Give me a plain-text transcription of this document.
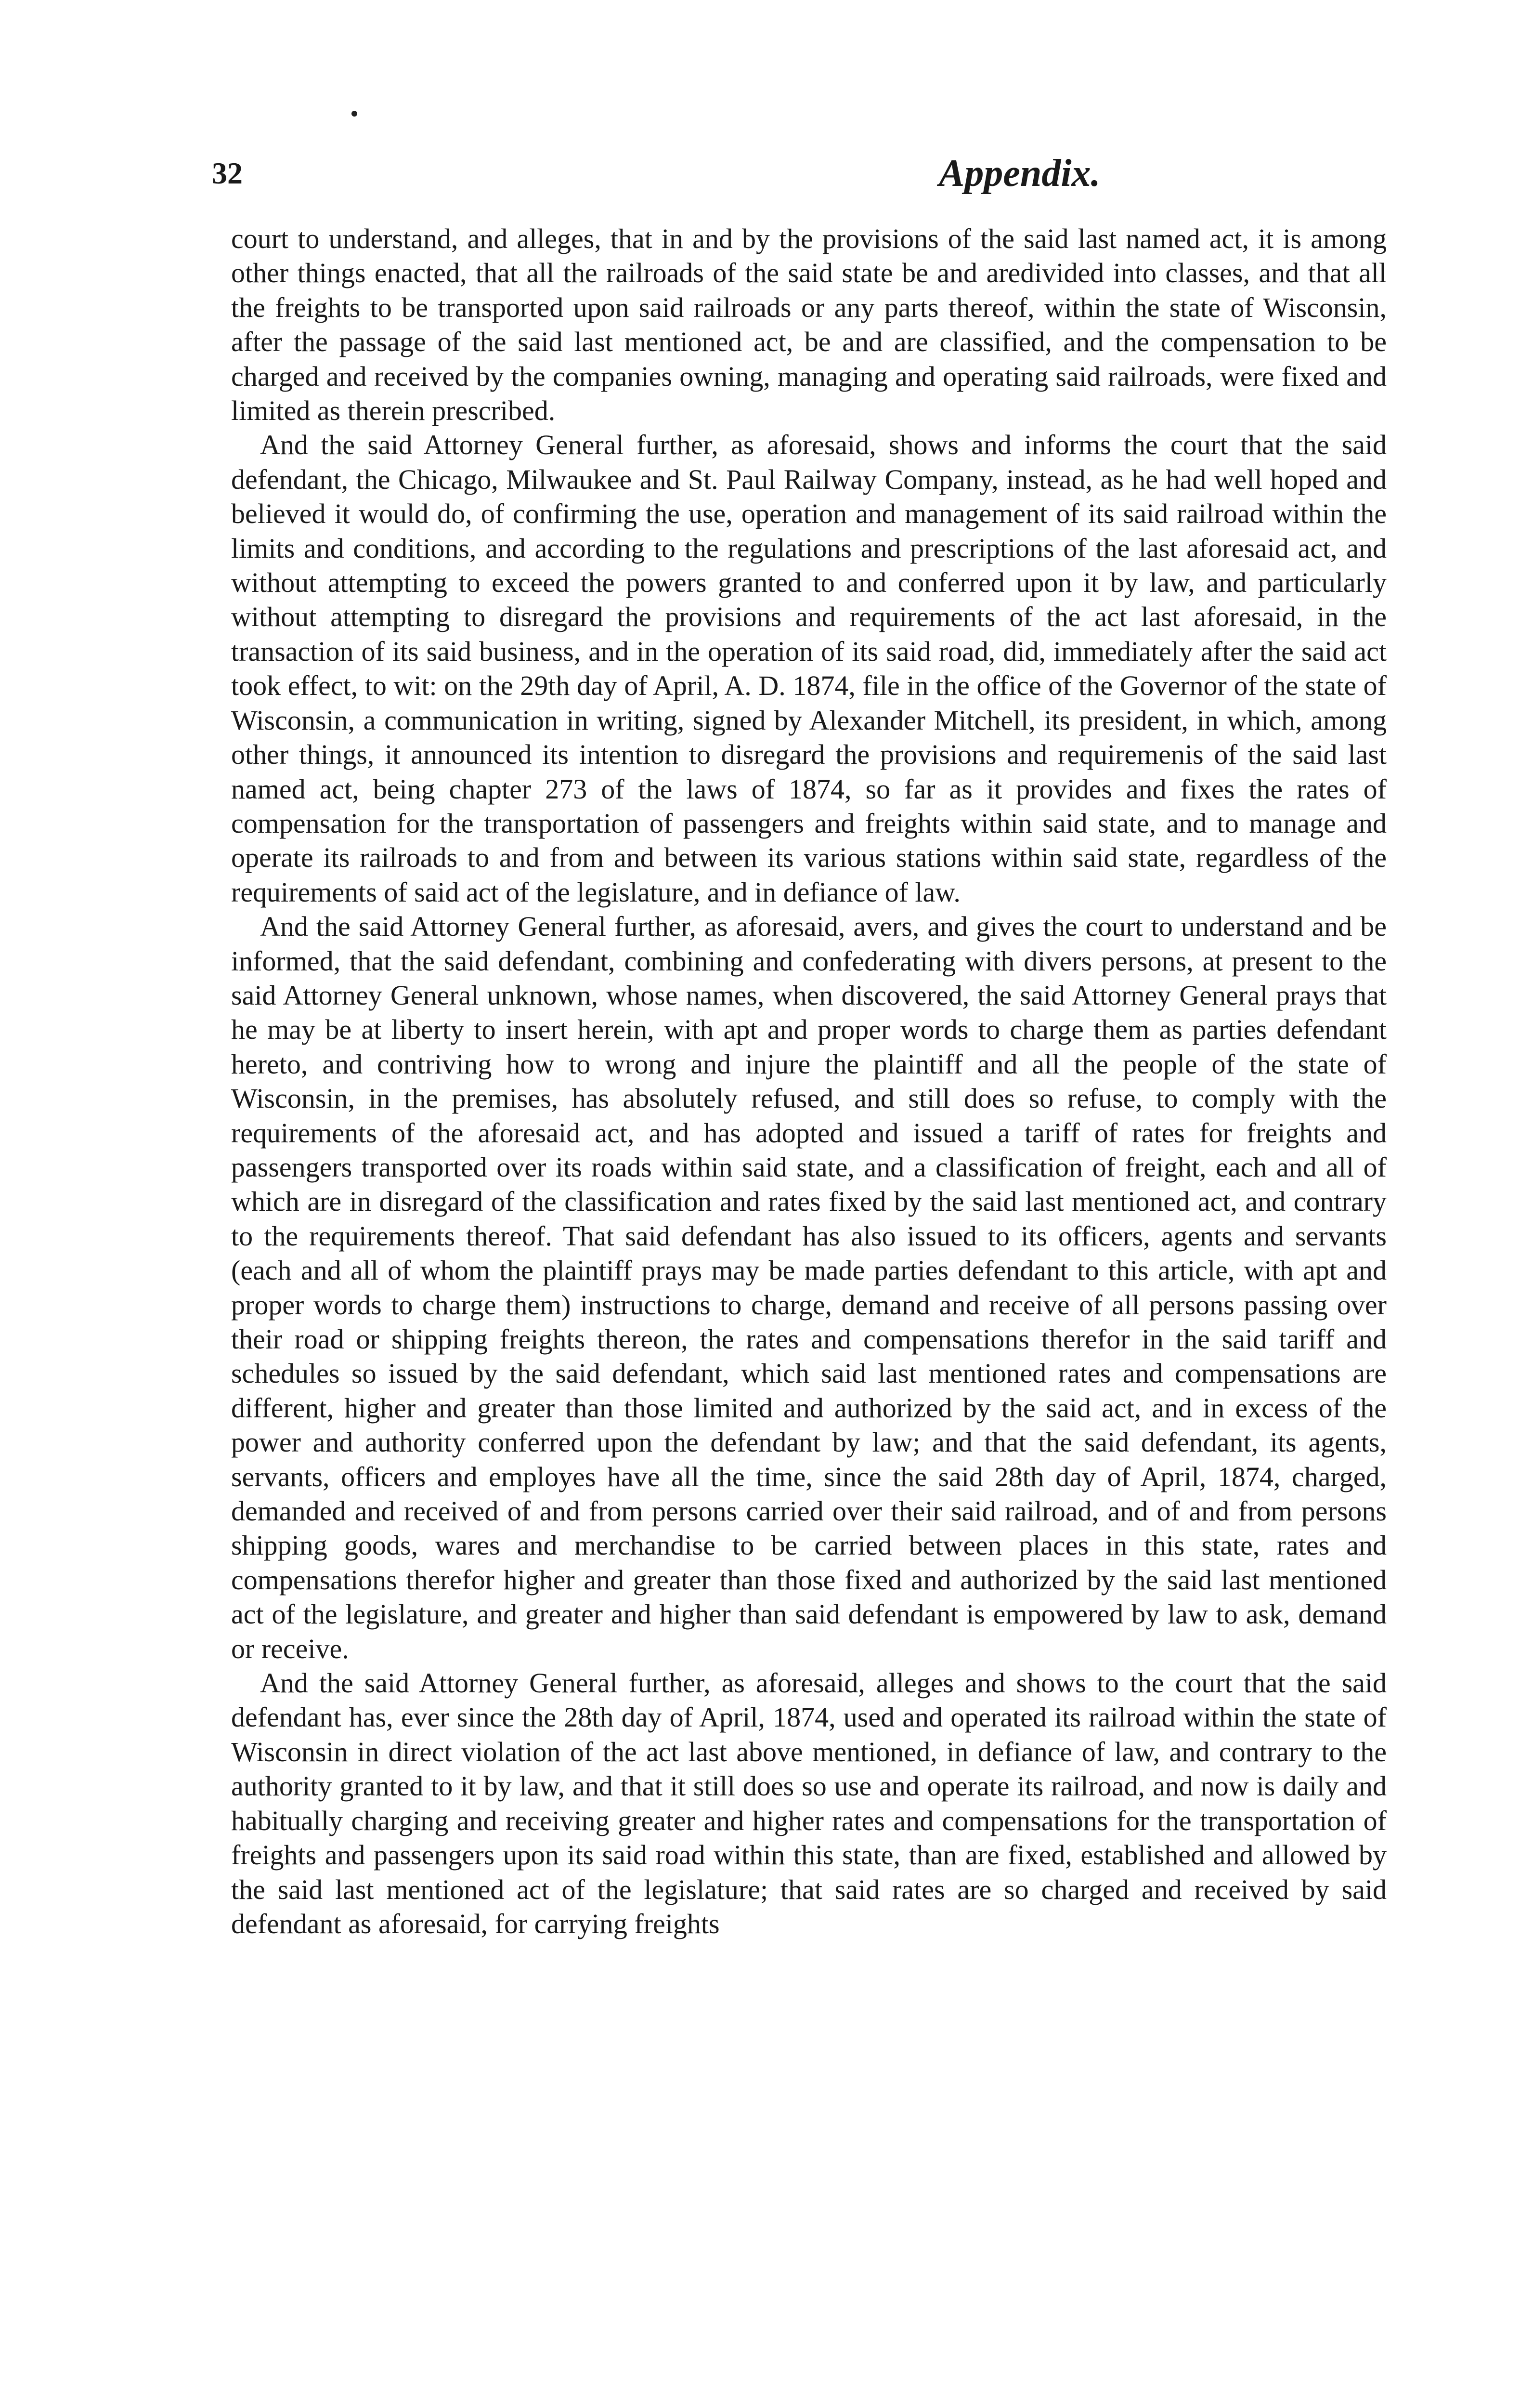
32	Appendix.

court to understand, and alleges, that in and by the provisions of the said last named act, it is among other things enacted, that all the railroads of the said state be and aredivided into classes, and that all the freights to be transported upon said railroads or any parts thereof, within the state of Wisconsin, after the passage of the said last mentioned act, be and are classified, and the compensation to be charged and received by the companies owning, managing and operating said railroads, were fixed and limited as therein prescribed.

And the said Attorney General further, as aforesaid, shows and informs the court that the said defendant, the Chicago, Milwaukee and St. Paul Railway Company, instead, as he had well hoped and believed it would do, of confirming the use, operation and management of its said railroad within the limits and conditions, and according to the regulations and prescriptions of the last aforesaid act, and without attempting to exceed the powers granted to and conferred upon it by law, and particularly without attempting to disregard the provisions and requirements of the act last aforesaid, in the transaction of its said business, and in the operation of its said road, did, immediately after the said act took effect, to wit: on the 29th day of April, A. D. 1874, file in the office of the Governor of the state of Wisconsin, a communication in writing, signed by Alexander Mitchell, its president, in which, among other things, it announced its intention to disregard the provisions and requiremenis of the said last named act, being chapter 273 of the laws of 1874, so far as it provides and fixes the rates of compensation for the transportation of passengers and freights within said state, and to manage and operate its railroads to and from and between its various stations within said state, regardless of the requirements of said act of the legislature, and in defiance of law.

And the said Attorney General further, as aforesaid, avers, and gives the court to understand and be informed, that the said defendant, combining and confederating with divers persons, at present to the said Attorney General unknown, whose names, when discovered, the said Attorney General prays that he may be at liberty to insert herein, with apt and proper words to charge them as parties defendant hereto, and contriving how to wrong and injure the plaintiff and all the people of the state of Wisconsin, in the premises, has absolutely refused, and still does so refuse, to comply with the requirements of the aforesaid act, and has adopted and issued a tariff of rates for freights and passengers transported over its roads within said state, and a classification of freight, each and all of which are in disregard of the classification and rates fixed by the said last mentioned act, and contrary to the requirements thereof. That said defendant has also issued to its officers, agents and servants (each and all of whom the plaintiff prays may be made parties defendant to this article, with apt and proper words to charge them) instructions to charge, demand and receive of all persons passing over their road or shipping freights thereon, the rates and compensations therefor in the said tariff and schedules so issued by the said defendant, which said last mentioned rates and compensations are different, higher and greater than those limited and authorized by the said act, and in excess of the power and authority conferred upon the defendant by law; and that the said defendant, its agents, servants, officers and employes have all the time, since the said 28th day of April, 1874, charged, demanded and received of and from persons carried over their said railroad, and of and from persons shipping goods, wares and merchandise to be carried between places in this state, rates and compensations therefor higher and greater than those fixed and authorized by the said last mentioned act of the legislature, and greater and higher than said defendant is empowered by law to ask, demand or receive.

And the said Attorney General further, as aforesaid, alleges and shows to the court that the said defendant has, ever since the 28th day of April, 1874, used and operated its railroad within the state of Wisconsin in direct violation of the act last above mentioned, in defiance of law, and contrary to the authority granted to it by law, and that it still does so use and operate its railroad, and now is daily and habitually charging and receiving greater and higher rates and compensations for the transportation of freights and passengers upon its said road within this state, than are fixed, established and allowed by the said last mentioned act of the legislature; that said rates are so charged and received by said defendant as aforesaid, for carrying freights
